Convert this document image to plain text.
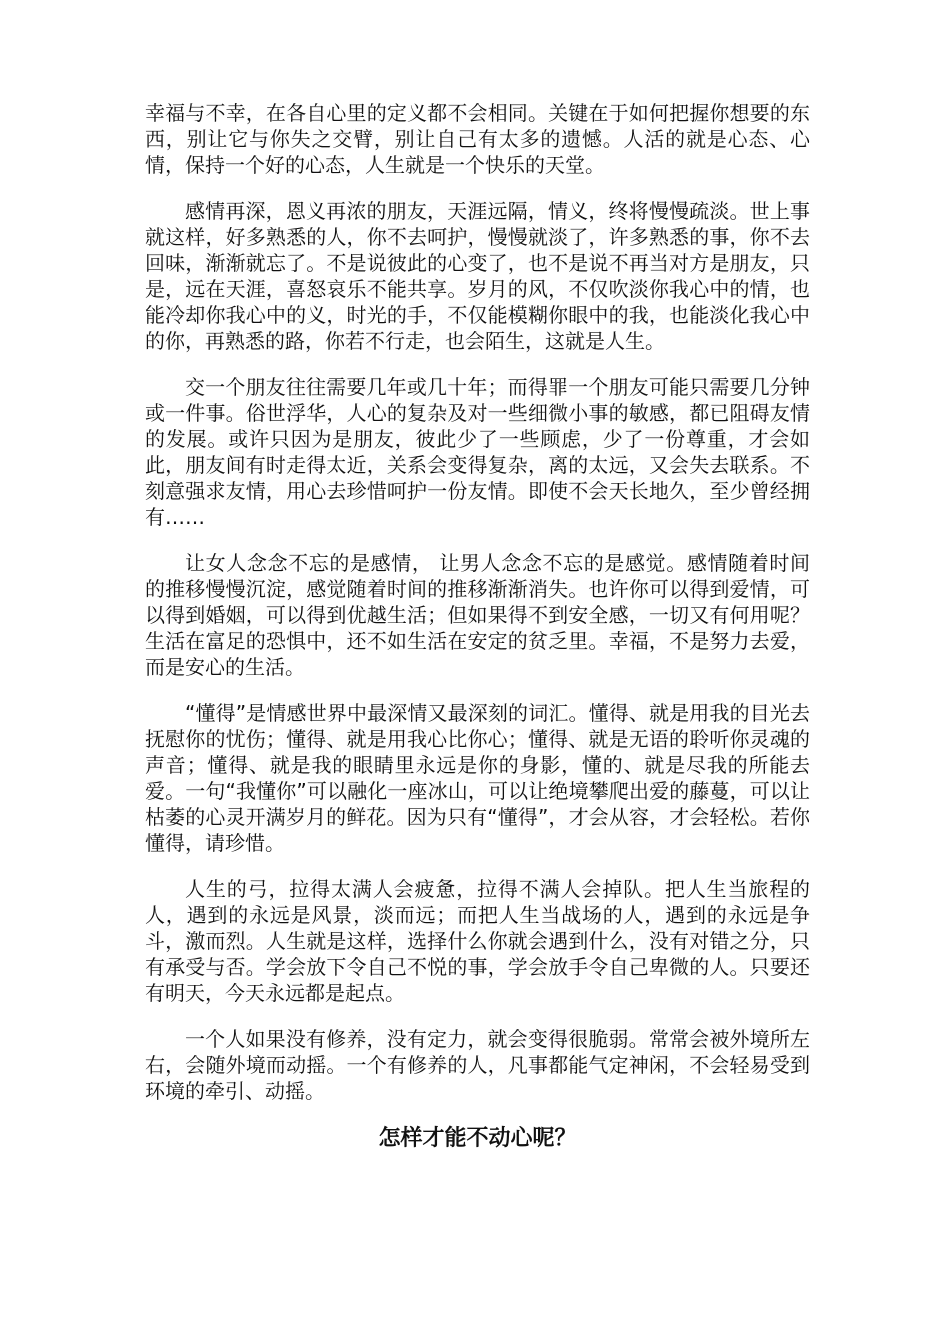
幸福与不幸，在各自心里的定义都不会相同。关键在于如何把握你想要的东西，别让它与你失之交臂，别让自己有太多的遗憾。人活的就是心态、心情，保持一个好的心态，人生就是一个快乐的天堂。

感情再深，恩义再浓的朋友，天涯远隔，情义，终将慢慢疏淡。世上事就这样，好多熟悉的人，你不去呵护，慢慢就淡了，许多熟悉的事，你不去回味，渐渐就忘了。不是说彼此的心变了，也不是说不再当对方是朋友，只是，远在天涯，喜怒哀乐不能共享。岁月的风，不仅吹淡你我心中的情，也能冷却你我心中的义，时光的手，不仅能模糊你眼中的我，也能淡化我心中的你，再熟悉的路，你若不行走，也会陌生，这就是人生。

交一个朋友往往需要几年或几十年；而得罪一个朋友可能只需要几分钟或一件事。俗世浮华，人心的复杂及对一些细微小事的敏感，都已阻碍友情的发展。或许只因为是朋友，彼此少了一些顾虑，少了一份尊重，才会如此，朋友间有时走得太近，关系会变得复杂，离的太远，又会失去联系。不刻意强求友情，用心去珍惜呵护一份友情。即使不会天长地久，至少曾经拥有……

让女人念念不忘的是感情， 让男人念念不忘的是感觉。感情随着时间的推移慢慢沉淀，感觉随着时间的推移渐渐消失。也许你可以得到爱情，可以得到婚姻，可以得到优越生活；但如果得不到安全感，一切又有何用呢？生活在富足的恐惧中，还不如生活在安定的贫乏里。幸福，不是努力去爱，而是安心的生活。

“懂得”是情感世界中最深情又最深刻的词汇。懂得、就是用我的目光去抚慰你的忧伤；懂得、就是用我心比你心；懂得、就是无语的聆听你灵魂的声音；懂得、就是我的眼睛里永远是你的身影，懂的、就是尽我的所能去爱。一句“我懂你”可以融化一座冰山，可以让绝境攀爬出爱的藤蔓，可以让枯萎的心灵开满岁月的鲜花。因为只有“懂得”，才会从容，才会轻松。若你懂得，请珍惜。

人生的弓，拉得太满人会疲惫，拉得不满人会掉队。把人生当旅程的人，遇到的永远是风景，淡而远；而把人生当战场的人，遇到的永远是争斗，激而烈。人生就是这样，选择什么你就会遇到什么，没有对错之分，只有承受与否。学会放下令自己不悦的事，学会放手令自己卑微的人。只要还有明天，今天永远都是起点。

一个人如果没有修养，没有定力，就会变得很脆弱。常常会被外境所左右，会随外境而动摇。一个有修养的人，凡事都能气定神闲，不会轻易受到环境的牵引、动摇。

怎样才能不动心呢？
